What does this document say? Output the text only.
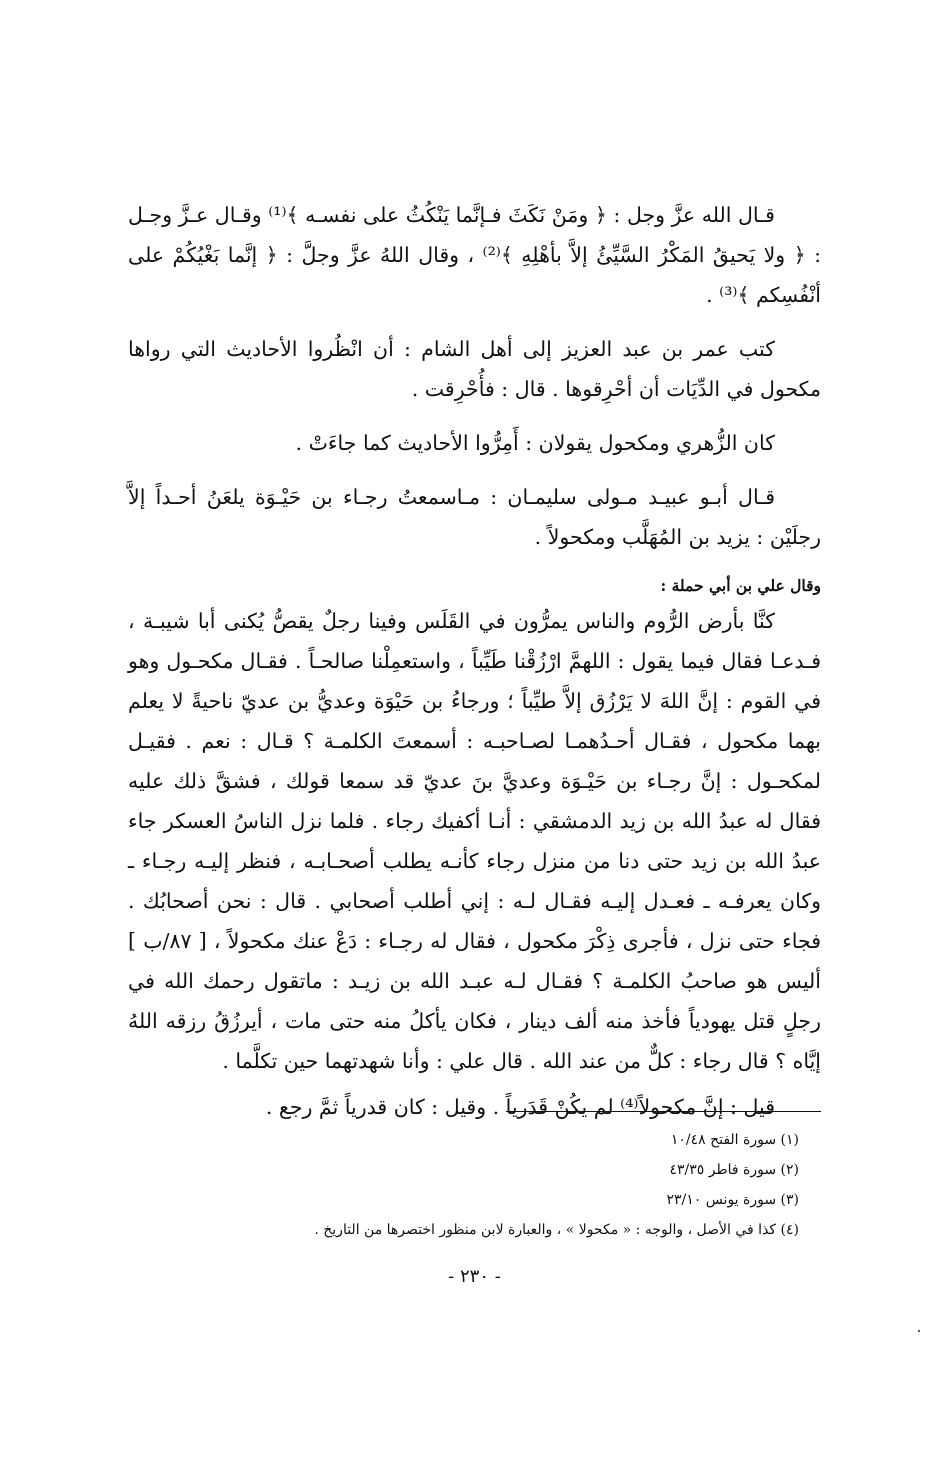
قـال الله عزَّ وجل : ﴿ ومَنْ نَكَثَ فـإنَّما يَنْكُثُ على نفسـه ﴾⁽¹⁾ وقـال عـزَّ وجـل : ﴿ ولا يَحيقُ المَكْرُ السَّيِّئُ إلاَّ بأهْلِهِ ﴾⁽²⁾ ، وقال اللهُ عزَّ وجلَّ : ﴿ إنَّما بَغْيُكُمْ على أنْفُسِكم ﴾⁽³⁾ .

كتب عمر بن عبد العزيز إلى أهل الشام : أن انْظُروا الأحاديث التي رواها مكحول في الدِّيَات أن أحْرِقوها . قال : فأُحْرِقت .

كان الزُّهري ومكحول يقولان : أَمِرُّوا الأحاديث كما جاءَتْ .

قـال أبـو عبيـد مـولى سليمـان : مـاسمعتُ رجـاء بن حَيْـوَة يلعَنُ أحـداً إلاَّ رجلَيْن : يزيد بن المُهَلَّب ومكحولاً .

وقال علي بن أبي حملة :

كنَّا بأرض الرُّوم والناس يمرُّون في القَلَس وفينا رجلٌ يقصُّ يُكنى أبا شيبـة ، فـدعـا فقال فيما يقول : اللهمَّ ارْزُقْنا طَيِّباً ، واستعمِلْنا صالحـاً . فقـال مكحـول وهو في القوم : إنَّ اللهَ لا يَرْزُق إلاَّ طيِّباً ؛ ورجاءُ بن حَيْوَة وعديُّ بن عديّ ناحيةً لا يعلم بهما مكحول ، فقـال أحـدُهمـا لصـاحبـه : أسمعتَ الكلمـة ؟ قـال : نعم . فقيـل لمكحـول : إنَّ رجـاء بن حَيْـوَة وعديَّ بنَ عديّ قد سمعا قولك ، فشقَّ ذلك عليه فقال له عبدُ الله بن زيد الدمشقي : أنـا أكفيك رجاء . فلما نزل الناسُ العسكر جاء عبدُ الله بن زيد حتى دنا من منزل رجاء كأنـه يطلب أصحـابـه ، فنظر إليـه رجـاء ـ وكان يعرفـه ـ فعـدل إليـه فقـال لـه : إني أطلب أصحابي . قال : نحن أصحابُك . فجاء حتى نزل ، فأجرى ذِكْرَ مكحول ، فقال له رجـاء : دَعْ عنك مكحولاً ، [ ٨٧/ب ] أليس هو صاحبُ الكلمـة ؟ فقـال لـه عبـد الله بن زيـد : ماتقول رحمك الله في رجلٍ قتل يهودياً فأخذ منه ألف دينار ، فكان يأكلُ منه حتى مات ، أيرزُقُ رزقه اللهُ إيَّاه ؟ قال رجاء : كلٌّ من عند الله . قال علي : وأنا شهدتهما حين تكلَّما .

قيل : إنَّ مكحولاً⁽⁴⁾ لم يكُنْ قَدَرياً . وقيل : كان قدرياً ثمَّ رجع .

(١) سورة الفتح ١٠/٤٨

(٢) سورة فاطر ٤٣/٣٥

(٣) سورة يونس ٢٣/١٠

(٤) كذا في الأصل ، والوجه : « مكحولا » ، والعبارة لابن منظور اختصرها من التاريخ .

- ٢٣٠ -
